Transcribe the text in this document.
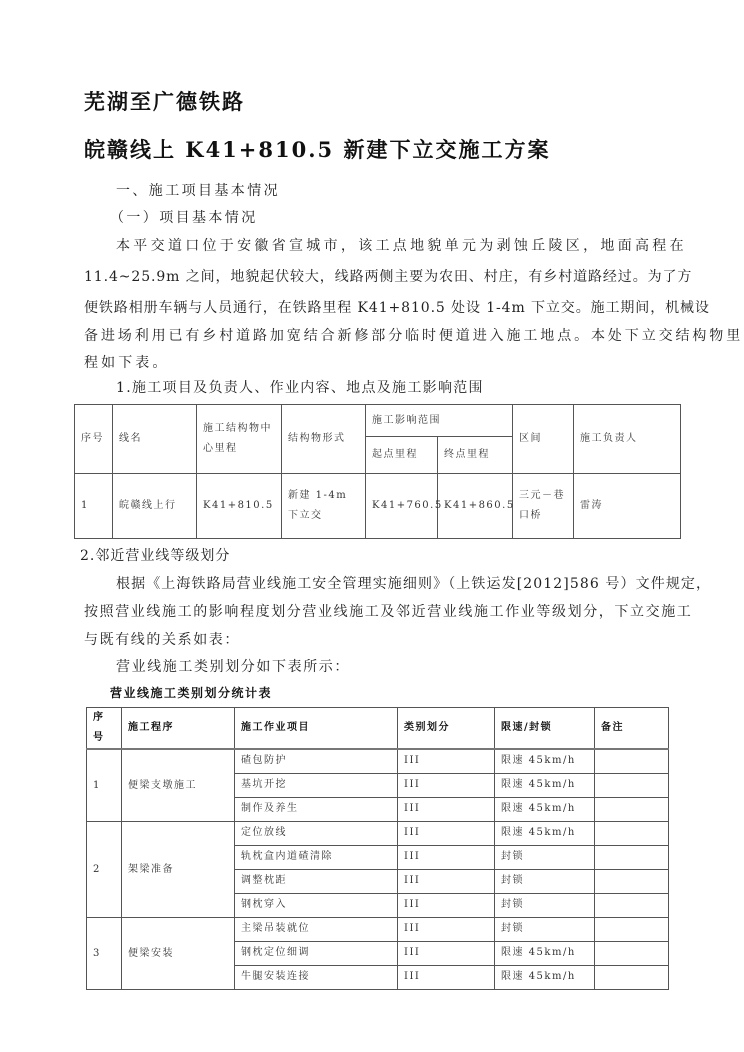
芜湖至广德铁路
皖赣线上 K41+810.5 新建下立交施工方案
一、施工项目基本情况
（一）项目基本情况
本平交道口位于安徽省宣城市，该工点地貌单元为剥蚀丘陵区，地面高程在
11.4~25.9m 之间，地貌起伏较大，线路两侧主要为农田、村庄，有乡村道路经过。为了方
便铁路相册车辆与人员通行，在铁路里程 K41+810.5 处设 1-4m 下立交。施工期间，机械设
备进场利用已有乡村道路加宽结合新修部分临时便道进入施工地点。本处下立交结构物里
程如下表。
1.施工项目及负责人、作业内容、地点及施工影响范围
序号	线名	施工结构物中心里程	结构物形式	施工影响范围		区间	施工负责人
				起点里程	终点里程		
1	皖赣线上行	K41+810.5	新建 1-4m 下立交	K41+760.5	K41+860.5	三元－巷口桥	雷涛
2.邻近营业线等级划分
根据《上海铁路局营业线施工安全管理实施细则》（上铁运发[2012]586 号）文件规定，
按照营业线施工的影响程度划分营业线施工及邻近营业线施工作业等级划分，下立交施工
与既有线的关系如表：
营业线施工类别划分如下表所示：
营业线施工类别划分统计表
序号	施工程序	施工作业项目	类别划分	限速/封锁	备注
1	便梁支墩施工	碴包防护	III	限速 45km/h	
		基坑开挖	III	限速 45km/h	
		制作及养生	III	限速 45km/h	
2	架梁准备	定位放线	III	限速 45km/h	
		轨枕盒内道碴清除	III	封锁	
		调整枕距	III	封锁	
		钢枕穿入	III	封锁	
3	便梁安装	主梁吊装就位	III	封锁	
		钢枕定位细调	III	限速 45km/h	
		牛腿安装连接	III	限速 45km/h	
